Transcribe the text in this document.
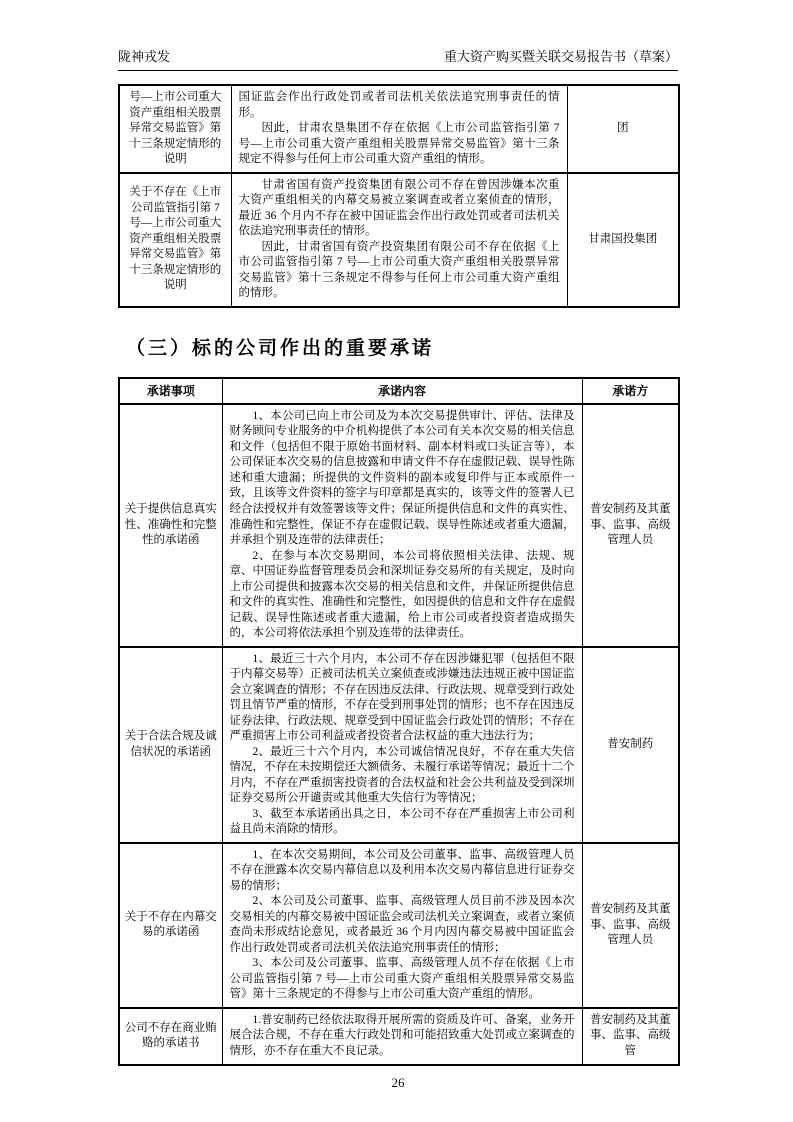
陇神戎发	重大资产购买暨关联交易报告书（草案）
号—上市公司重大资产重组相关股票异常交易监管》第十三条规定情形的说明	国证监会作出行政处罚或者司法机关依法追究刑事责任的情形。

因此，甘肃农垦集团不存在依据《上市公司监管指引第 7 号—上市公司重大资产重组相关股票异常交易监管》第十三条规定不得参与任何上市公司重大资产重组的情形。	团
关于不存在《上市公司监管指引第 7 号—上市公司重大资产重组相关股票异常交易监管》第十三条规定情形的说明	甘肃省国有资产投资集团有限公司不存在曾因涉嫌本次重大资产重组相关的内幕交易被立案调查或者立案侦查的情形，最近 36 个月内不存在被中国证监会作出行政处罚或者司法机关依法追究刑事责任的情形。

因此，甘肃省国有资产投资集团有限公司不存在依据《上市公司监管指引第 7 号—上市公司重大资产重组相关股票异常交易监管》第十三条规定不得参与任何上市公司重大资产重组的情形。	甘肃国投集团
（三）标的公司作出的重要承诺
承诺事项	承诺内容	承诺方
关于提供信息真实性、准确性和完整性的承诺函	1、本公司已向上市公司及为本次交易提供审计、评估、法律及财务顾问专业服务的中介机构提供了本公司有关本次交易的相关信息和文件（包括但不限于原始书面材料、副本材料或口头证言等），本公司保证本次交易的信息披露和申请文件不存在虚假记载、误导性陈述和重大遗漏；所提供的文件资料的副本或复印件与正本或原件一致，且该等文件资料的签字与印章都是真实的，该等文件的签署人已经合法授权并有效签署该等文件；保证所提供信息和文件的真实性、准确性和完整性，保证不存在虚假记载、误导性陈述或者重大遗漏，并承担个别及连带的法律责任；

2、在参与本次交易期间，本公司将依照相关法律、法规、规章、中国证券监督管理委员会和深圳证券交易所的有关规定，及时向上市公司提供和披露本次交易的相关信息和文件，并保证所提供信息和文件的真实性、准确性和完整性，如因提供的信息和文件存在虚假记载、误导性陈述或者重大遗漏，给上市公司或者投资者造成损失的，本公司将依法承担个别及连带的法律责任。	普安制药及其董事、监事、高级管理人员
关于合法合规及诚信状况的承诺函	1、最近三十六个月内，本公司不存在因涉嫌犯罪（包括但不限于内幕交易等）正被司法机关立案侦查或涉嫌违法违规正被中国证监会立案调查的情形；不存在因违反法律、行政法规、规章受到行政处罚且情节严重的情形，不存在受到刑事处罚的情形；也不存在因违反证券法律、行政法规、规章受到中国证监会行政处罚的情形；不存在严重损害上市公司利益或者投资者合法权益的重大违法行为；

2、最近三十六个月内，本公司诚信情况良好，不存在重大失信情况，不存在未按期偿还大额债务、未履行承诺等情况；最近十二个月内，不存在严重损害投资者的合法权益和社会公共利益及受到深圳证券交易所公开谴责或其他重大失信行为等情况；

3、截至本承诺函出具之日，本公司不存在严重损害上市公司利益且尚未消除的情形。	普安制药
关于不存在内幕交易的承诺函	1、在本次交易期间，本公司及公司董事、监事、高级管理人员不存在泄露本次交易内幕信息以及利用本次交易内幕信息进行证券交易的情形；

2、本公司及公司董事、监事、高级管理人员目前不涉及因本次交易相关的内幕交易被中国证监会或司法机关立案调查，或者立案侦查尚未形成结论意见，或者最近 36 个月内因内幕交易被中国证监会作出行政处罚或者司法机关依法追究刑事责任的情形；

3、本公司及公司董事、监事、高级管理人员不存在依据《上市公司监管指引第 7 号—上市公司重大资产重组相关股票异常交易监管》第十三条规定的不得参与上市公司重大资产重组的情形。	普安制药及其董事、监事、高级管理人员
公司不存在商业贿赂的承诺书	1.普安制药已经依法取得开展所需的资质及许可、备案，业务开展合法合规，不存在重大行政处罚和可能招致重大处罚或立案调查的情形，亦不存在重大不良记录。	普安制药及其董事、监事、高级管
26
